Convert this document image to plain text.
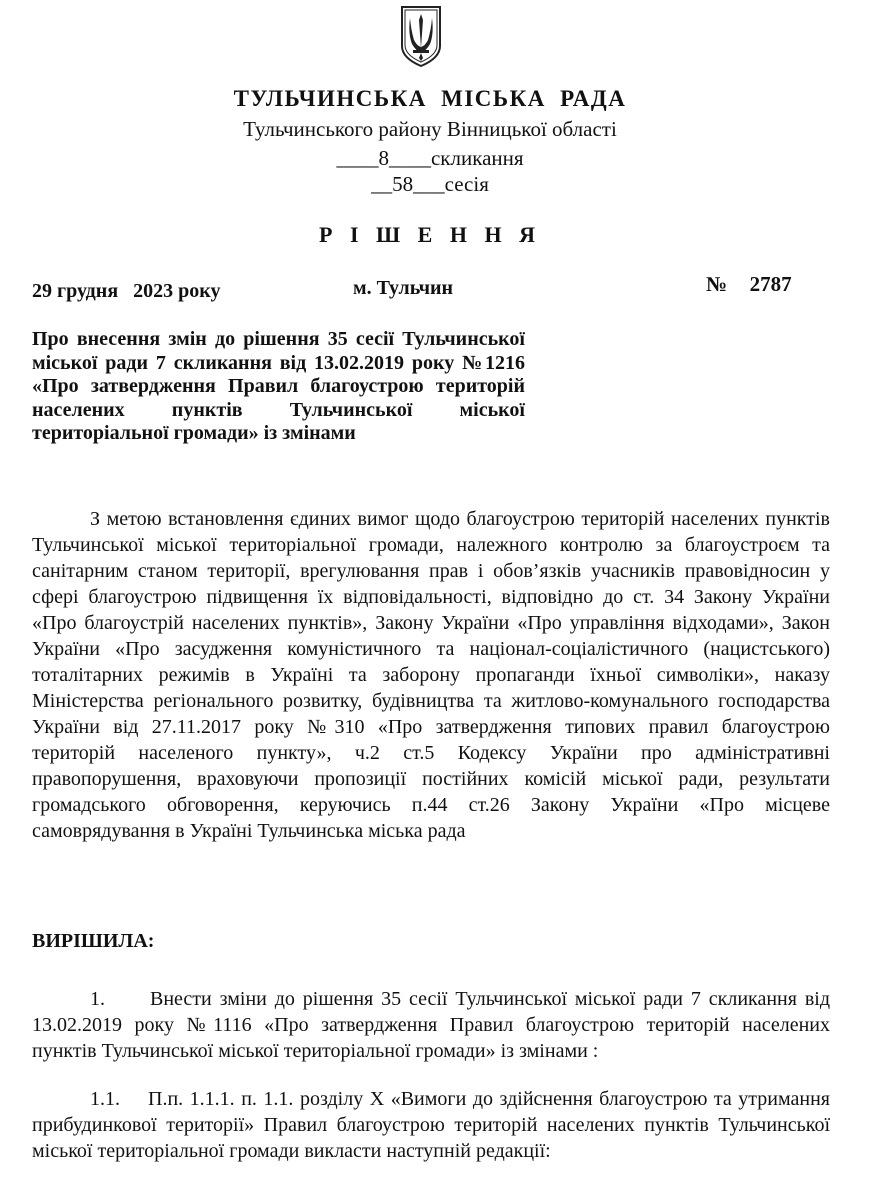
ТУЛЬЧИНСЬКА МІСЬКА РАДА
Тульчинського району Вінницької області
____8____скликання
__58___сесія
Р І Ш Е Н Н Я
29 грудня   2023 року	м. Тульчин	№  2787
Про внесення змін до рішення 35 сесії Тульчинської міської ради 7 скликання від 13.02.2019 року №1216 «Про затвердження Правил благоустрою територій населених пунктів Тульчинської міської територіальної громади» із змінами
З метою встановлення єдиних вимог щодо благоустрою територій населених пунктів Тульчинської міської територіальної громади, належного контролю за благоустроєм та санітарним станом території, врегулювання прав і обов’язків учасників правовідносин у сфері благоустрою підвищення їх відповідальності, відповідно до ст. 34 Закону України «Про благоустрій населених пунктів», Закону України «Про управління відходами», Закон України «Про засудження комуністичного та націонал-соціалістичного (нацистського) тоталітарних режимів в Україні та заборону пропаганди їхньої символіки», наказу Міністерства регіонального розвитку, будівництва та житлово-комунального господарства України від 27.11.2017 року №310 «Про затвердження типових правил благоустрою територій населеного пункту», ч.2 ст.5 Кодексу України про адміністративні правопорушення, враховуючи пропозиції постійних комісій міської ради, результати громадського обговорення, керуючись п.44 ст.26 Закону України «Про місцеве самоврядування в Україні Тульчинська міська рада
ВИРІШИЛА:
1. Внести зміни до рішення 35 сесії Тульчинської міської ради 7 скликання від 13.02.2019 року №1116 «Про затвердження Правил благоустрою територій населених пунктів Тульчинської міської територіальної громади» із змінами :
1.1. П.п. 1.1.1. п. 1.1. розділу X «Вимоги до здійснення благоустрою та утримання прибудинкової території» Правил благоустрою територій населених пунктів Тульчинської міської територіальної громади викласти наступній редакції:
